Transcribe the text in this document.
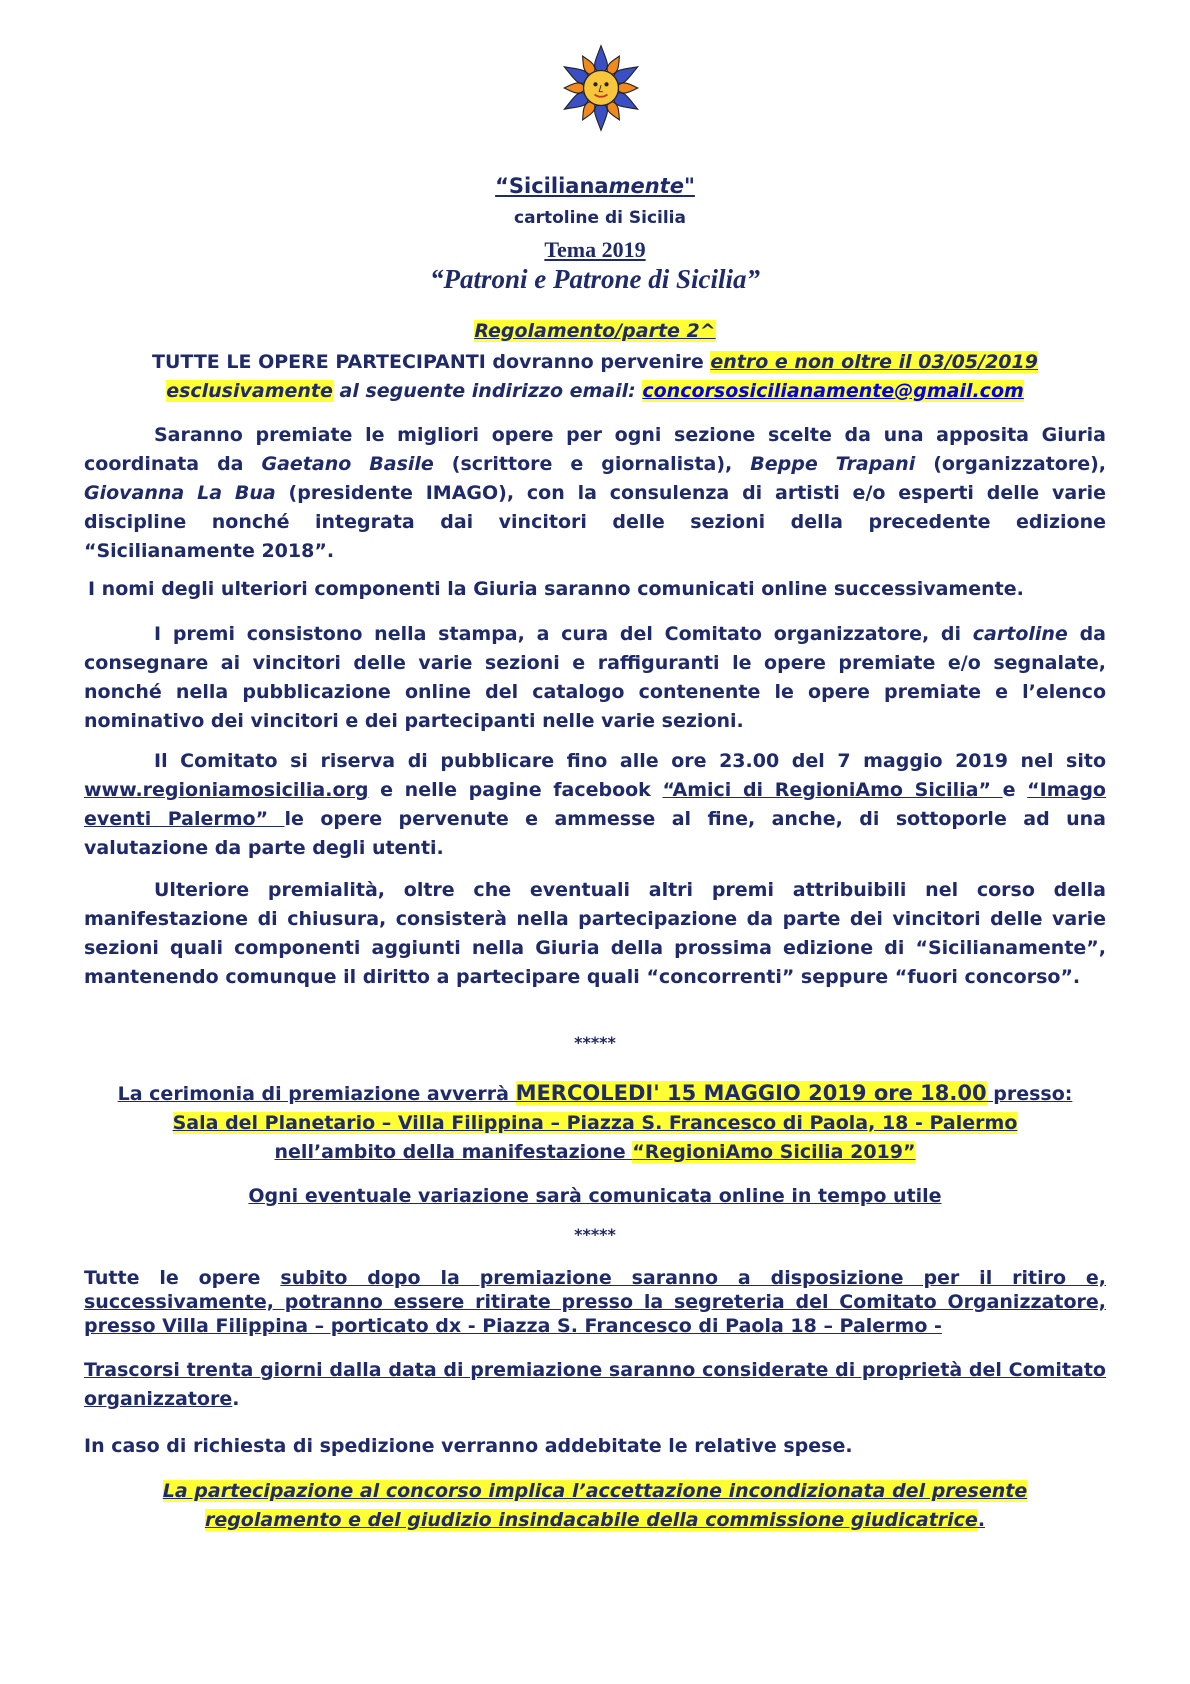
“Sicilianamente"
cartoline di Sicilia
Tema 2019
“Patroni e Patrone di Sicilia”
Regolamento/parte 2^
TUTTE LE OPERE PARTECIPANTI dovranno pervenire entro e non oltre il 03/05/2019
esclusivamente al seguente indirizzo email: concorsosicilianamente@gmail.com
Saranno premiate le migliori opere per ogni sezione scelte da una apposita Giuria coordinata da Gaetano Basile (scrittore e giornalista), Beppe Trapani (organizzatore), Giovanna La Bua (presidente IMAGO), con la consulenza di artisti e/o esperti delle varie discipline nonché integrata dai vincitori delle sezioni della precedente edizione “Sicilianamente 2018”.
I nomi degli ulteriori componenti la Giuria saranno comunicati online successivamente.
I premi consistono nella stampa, a cura del Comitato organizzatore, di cartoline da consegnare ai vincitori delle varie sezioni e raffiguranti le opere premiate e/o segnalate, nonché nella pubblicazione online del catalogo contenente le opere premiate e l’elenco nominativo dei vincitori e dei partecipanti nelle varie sezioni.
Il Comitato si riserva di pubblicare fino alle ore 23.00 del 7 maggio 2019 nel sito www.regioniamosicilia.org e nelle pagine facebook “Amici di RegioniAmo Sicilia” e “Imago eventi Palermo” le opere pervenute e ammesse al fine, anche, di sottoporle ad una valutazione da parte degli utenti.
Ulteriore premialità, oltre che eventuali altri premi attribuibili nel corso della manifestazione di chiusura, consisterà nella partecipazione da parte dei vincitori delle varie sezioni quali componenti aggiunti nella Giuria della prossima edizione di “Sicilianamente”, mantenendo comunque il diritto a partecipare quali “concorrenti” seppure “fuori concorso”.
*****
La cerimonia di premiazione avverrà MERCOLEDI' 15 MAGGIO 2019 ore 18.00 presso:
Sala del Planetario – Villa Filippina – Piazza S. Francesco di Paola, 18 - Palermo
nell’ambito della manifestazione “RegioniAmo Sicilia 2019”
Ogni eventuale variazione sarà comunicata online in tempo utile
*****
Tutte le opere subito dopo la premiazione saranno a disposizione per il ritiro e, successivamente, potranno essere ritirate presso la segreteria del Comitato Organizzatore, presso Villa Filippina – porticato dx - Piazza S. Francesco di Paola 18 – Palermo -
Trascorsi trenta giorni dalla data di premiazione saranno considerate di proprietà del Comitato organizzatore.
In caso di richiesta di spedizione verranno addebitate le relative spese.
La partecipazione al concorso implica l’accettazione incondizionata del presente
regolamento e del giudizio insindacabile della commissione giudicatrice.
